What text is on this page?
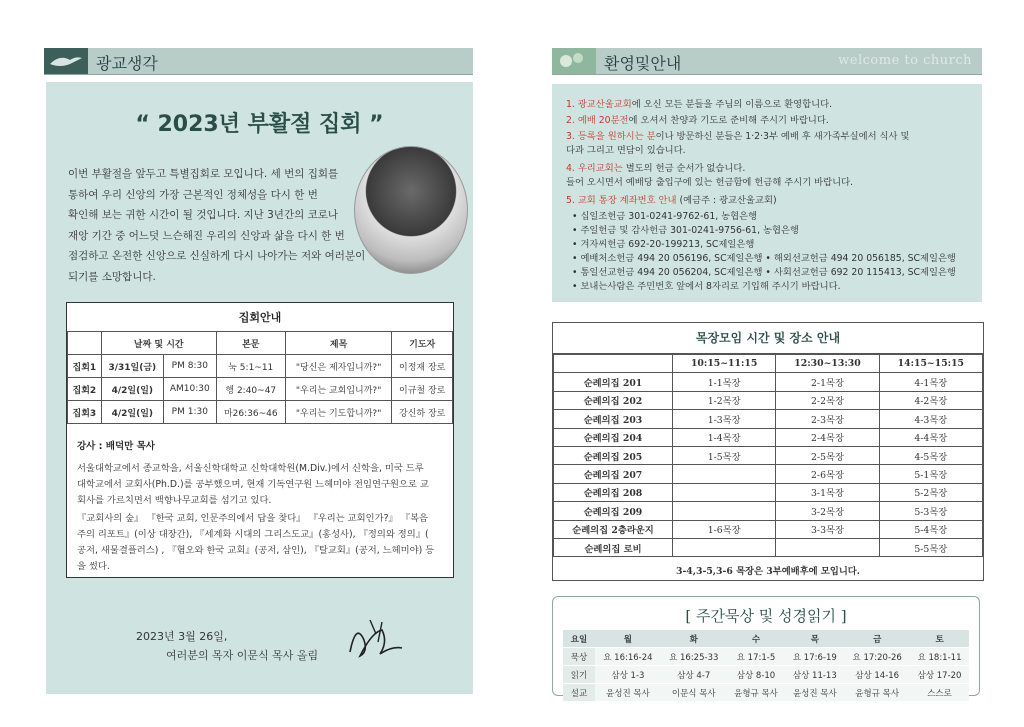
광교생각	환영및안내	welcome to church
“ 2023년 부활절 집회 ”
이번 부활절을 앞두고 특별집회로 모입니다. 세 번의 집회를
통하여 우리 신앙의 가장 근본적인 정체성을 다시 한 번
확인해 보는 귀한 시간이 될 것입니다. 지난 3년간의 코로나
재앙 기간 중 어느덧 느슨해진 우리의 신앙과 삶을 다시 한 번
점검하고 온전한 신앙으로 신실하게 다시 나아가는 저와 여러분이
되기를 소망합니다.
집회안내
	날짜 및 시간		본문	제목	기도자
집회1	3/31일(금)	PM 8:30	눅 5:1~11	"당신은 제자입니까?"	이정재 장로
집회2	4/2일(일)	AM10:30	행 2:40~47	"우리는 교회입니까?"	이규철 장로
집회3	4/2일(일)	PM 1:30	마26:36~46	"우리는 기도합니까?"	강신하 장로
강사 : 배덕만 목사
서울대학교에서 종교학을, 서울신학대학교 신학대학원(M.Div.)에서 신학을, 미국 드루
대학교에서 교회사(Ph.D.)를 공부했으며, 현재 기독연구원 느헤미야 전임연구원으로 교
회사를 가르치면서 백향나무교회를 섬기고 있다.
『교회사의 숲』 『한국 교회, 인문주의에서 답을 찾다』 『우리는 교회인가?』 『복음
주의 리포트』(이상 대장간), 『세계화 시대의 그리스도교』(홍성사), 『정의와 정의』(
공저, 새물결플러스) , 『혐오와 한국 교회』(공저, 삼인), 『탈교회』(공저, 느헤미야) 등
을 썼다.
2023년 3월 26일,
여러분의 목자 이문식 목사 올림
1. 광교산울교회에 오신 모든 분들을 주님의 이름으로 환영합니다.
2. 예배 20분전에 오셔서 찬양과 기도로 준비해 주시기 바랍니다.
3. 등록을 원하시는 분이나 방문하신 분들은 1·2·3부 예배 후 새가족부실에서 식사 및
다과 그리고 면담이 있습니다.
4. 우리교회는 별도의 헌금 순서가 없습니다.
들어 오시면서 예배당 출입구에 있는 헌금함에 헌금해 주시기 바랍니다.
5. 교회 통장 계좌번호 안내 (예금주 : 광교산울교회)
• 십일조헌금 301-0241-9762-61, 농협은행
• 주일헌금 및 감사헌금 301-0241-9756-61, 농협은행
• 겨자씨헌금 692-20-199213, SC제일은행
• 예배처소헌금 494 20 056196, SC제일은행 • 해외선교헌금 494 20 056185, SC제일은행
• 통일선교헌금 494 20 056204, SC제일은행 • 사회선교헌금 692 20 115413, SC제일은행
• 보내는사람은 주민번호 앞에서 8자리로 기입해 주시기 바랍니다.
목장모임 시간 및 장소 안내
	10:15~11:15	12:30~13:30	14:15~15:15
순례의집 201	1-1목장	2-1목장	4-1목장
순례의집 202	1-2목장	2-2목장	4-2목장
순례의집 203	1-3목장	2-3목장	4-3목장
순례의집 204	1-4목장	2-4목장	4-4목장
순례의집 205	1-5목장	2-5목장	4-5목장
순례의집 207		2-6목장	5-1목장
순례의집 208		3-1목장	5-2목장
순례의집 209		3-2목장	5-3목장
순례의집 2층라운지	1-6목장	3-3목장	5-4목장
순례의집 로비			5-5목장
3-4,3-5,3-6 목장은 3부예배후에 모입니다.
[ 주간묵상 및 성경읽기 ]
요일	월	화	수	목	금	토
묵상	요 16:16-24	요 16:25-33	요 17:1-5	요 17:6-19	요 17:20-26	요 18:1-11
읽기	삼상 1-3	삼상 4-7	삼상 8-10	삼상 11-13	삼상 14-16	삼상 17-20
설교	윤성진 목사	이문식 목사	윤형규 목사	윤성진 목사	윤형규 목사	스스로
